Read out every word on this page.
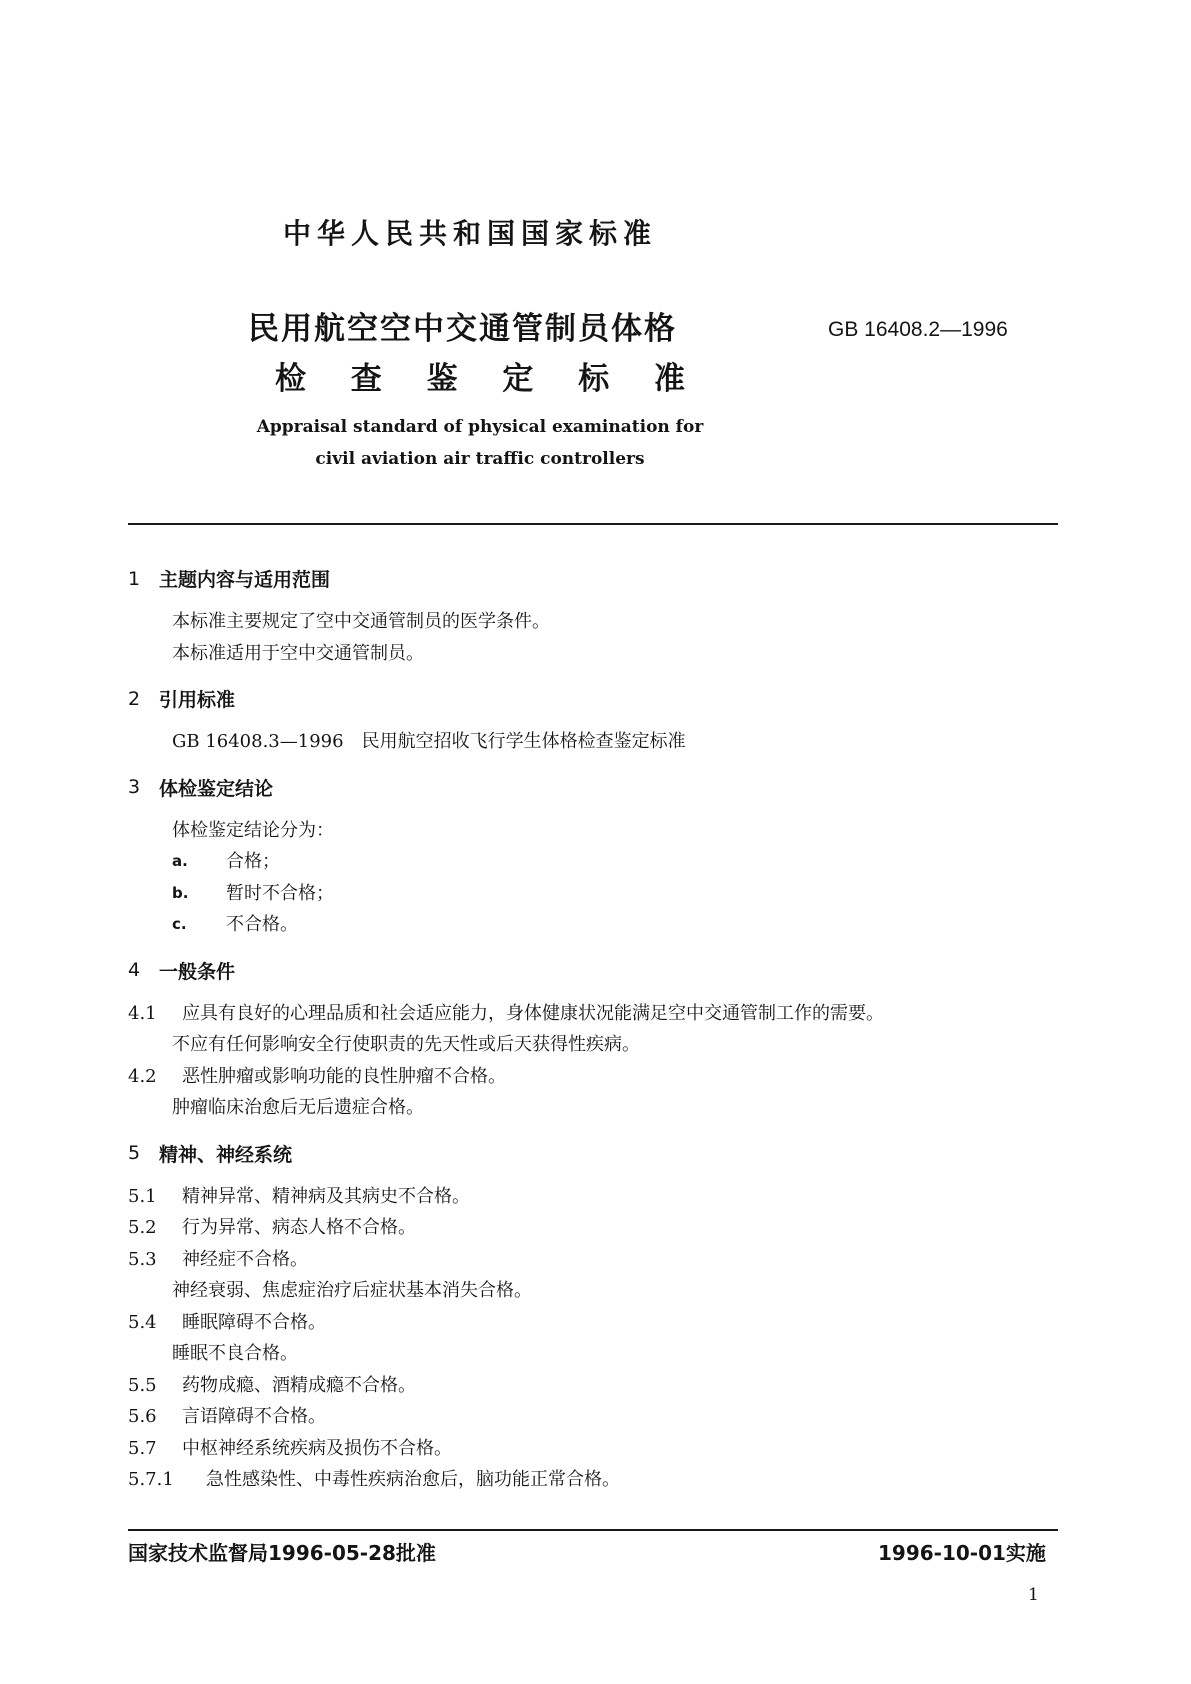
中华人民共和国国家标准
民用航空空中交通管制员体格
检 查 鉴 定 标 准
GB 16408.2—1996
Appraisal standard of physical examination for
civil aviation air traffic controllers
1 主题内容与适用范围
本标准主要规定了空中交通管制员的医学条件。
本标准适用于空中交通管制员。
2 引用标准
GB 16408.3—1996　民用航空招收飞行学生体格检查鉴定标准
3 体检鉴定结论
体检鉴定结论分为：
a.	合格；
b.	暂时不合格；
c.	不合格。
4 一般条件
4.1	应具有良好的心理品质和社会适应能力，身体健康状况能满足空中交通管制工作的需要。
不应有任何影响安全行使职责的先天性或后天获得性疾病。
4.2	恶性肿瘤或影响功能的良性肿瘤不合格。
肿瘤临床治愈后无后遗症合格。
5 精神、神经系统
5.1	精神异常、精神病及其病史不合格。
5.2	行为异常、病态人格不合格。
5.3	神经症不合格。
神经衰弱、焦虑症治疗后症状基本消失合格。
5.4	睡眠障碍不合格。
睡眠不良合格。
5.5	药物成瘾、酒精成瘾不合格。
5.6	言语障碍不合格。
5.7	中枢神经系统疾病及损伤不合格。
5.7.1	急性感染性、中毒性疾病治愈后，脑功能正常合格。
国家技术监督局1996-05-28批准	1996-10-01实施
1
